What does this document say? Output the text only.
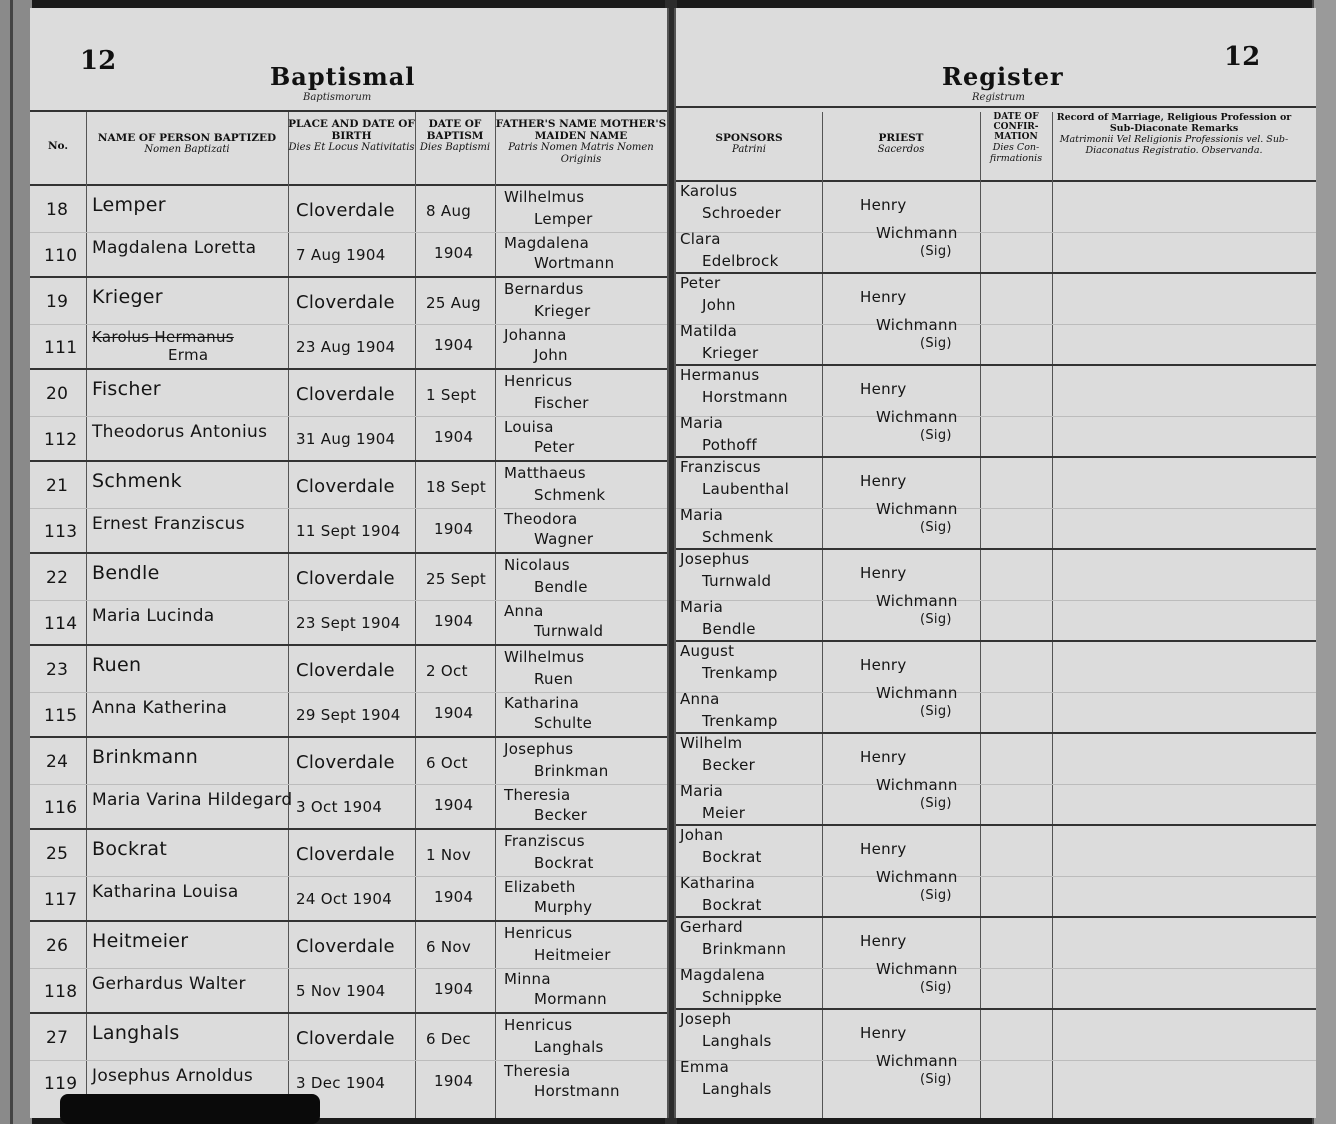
12
Baptismal
Baptismorum
No.
NAME OF PERSON BAPTIZED
Nomen Baptizati
PLACE AND DATE OF BIRTH
Dies Et Locus Nativitatis
DATE OF BAPTISM
Dies Baptismi
FATHER'S NAME MOTHER'S MAIDEN NAME
Patris Nomen Matris Nomen Originis
18
110
Lemper
Magdalena Loretta
Cloverdale
7 Aug 1904
8 Aug
1904
Wilhelmus
Lemper
Magdalena
Wortmann
19
111
Krieger
Karolus Hermanus
Erma
Cloverdale
23 Aug 1904
25 Aug
1904
Bernardus
Krieger
Johanna
John
20
112
Fischer
Theodorus Antonius
Cloverdale
31 Aug 1904
1 Sept
1904
Henricus
Fischer
Louisa
Peter
21
113
Schmenk
Ernest Franziscus
Cloverdale
11 Sept 1904
18 Sept
1904
Matthaeus
Schmenk
Theodora
Wagner
22
114
Bendle
Maria Lucinda
Cloverdale
23 Sept 1904
25 Sept
1904
Nicolaus
Bendle
Anna
Turnwald
23
115
Ruen
Anna Katherina
Cloverdale
29 Sept 1904
2 Oct
1904
Wilhelmus
Ruen
Katharina
Schulte
24
116
Brinkmann
Maria Varina Hildegard
Cloverdale
3 Oct 1904
6 Oct
1904
Josephus
Brinkman
Theresia
Becker
25
117
Bockrat
Katharina Louisa
Cloverdale
24 Oct 1904
1 Nov
1904
Franziscus
Bockrat
Elizabeth
Murphy
26
118
Heitmeier
Gerhardus Walter
Cloverdale
5 Nov 1904
6 Nov
1904
Henricus
Heitmeier
Minna
Mormann
27
119
Langhals
Josephus Arnoldus
Cloverdale
3 Dec 1904
6 Dec
1904
Henricus
Langhals
Theresia
Horstmann
12
Register
Registrum
SPONSORS
Patrini
PRIEST
Sacerdos
DATE OF CONFIR-MATION
Dies Con-firmationis
Record of Marriage, Religious Profession or Sub-Diaconate Remarks
Matrimonii Vel Religionis Professionis vel. Sub-Diaconatus Registratio. Observanda.
Karolus
Schroeder
Clara
Edelbrock
Henry
Wichmann
(Sig)
Peter
John
Matilda
Krieger
Henry
Wichmann
(Sig)
Hermanus
Horstmann
Maria
Pothoff
Henry
Wichmann
(Sig)
Franziscus
Laubenthal
Maria
Schmenk
Henry
Wichmann
(Sig)
Josephus
Turnwald
Maria
Bendle
Henry
Wichmann
(Sig)
August
Trenkamp
Anna
Trenkamp
Henry
Wichmann
(Sig)
Wilhelm
Becker
Maria
Meier
Henry
Wichmann
(Sig)
Johan
Bockrat
Katharina
Bockrat
Henry
Wichmann
(Sig)
Gerhard
Brinkmann
Magdalena
Schnippke
Henry
Wichmann
(Sig)
Joseph
Langhals
Emma
Langhals
Henry
Wichmann
(Sig)
